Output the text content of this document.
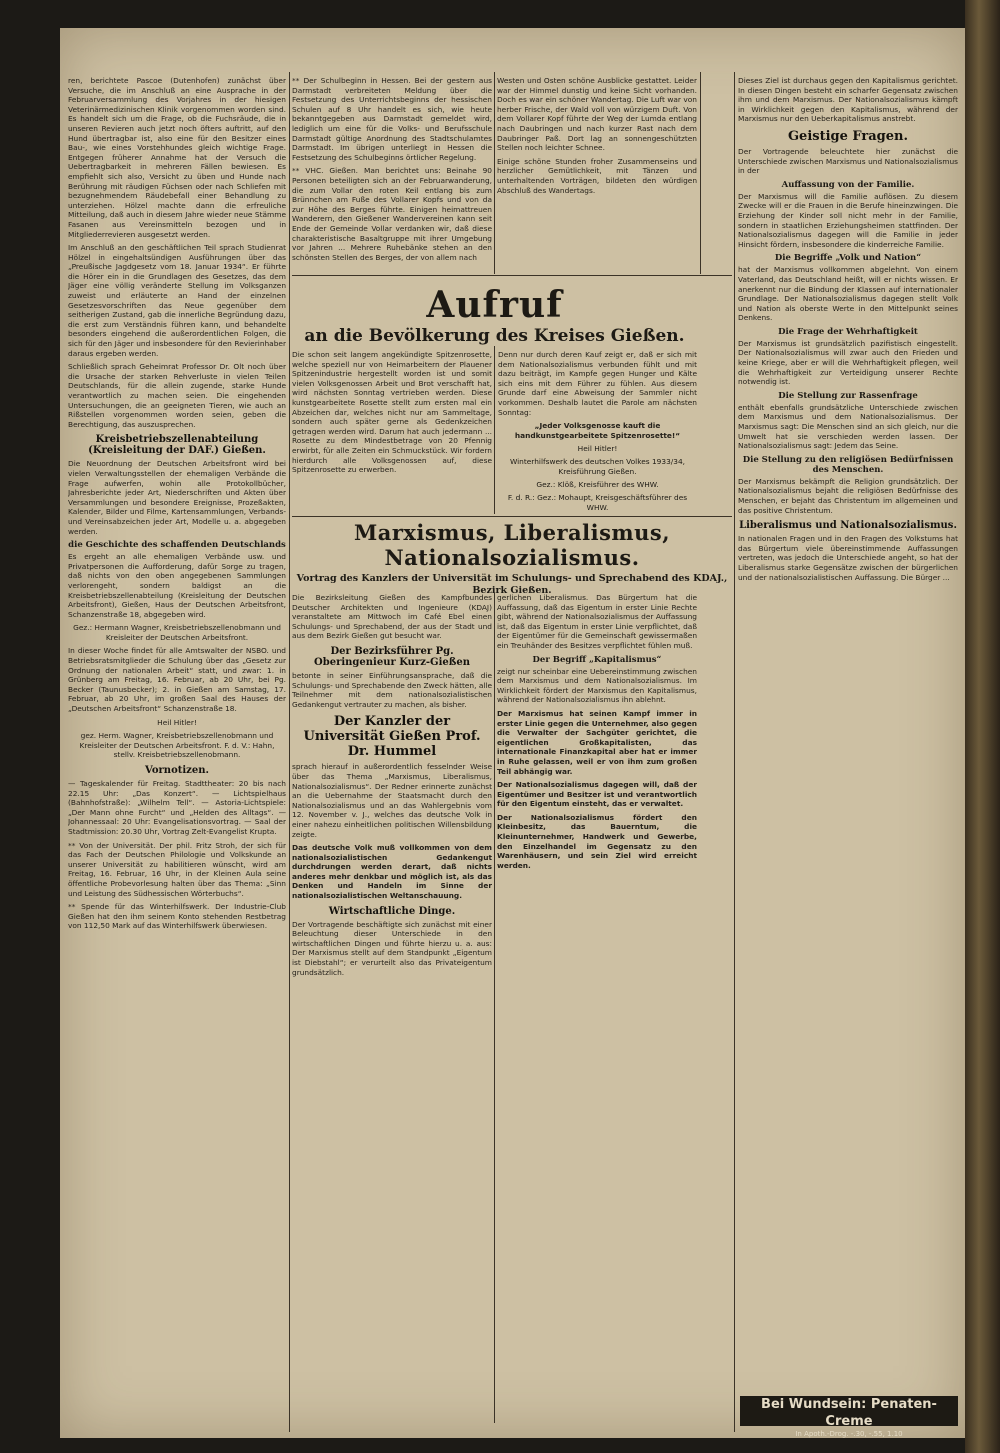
ren, berichtete Pascoe (Dutenhofen) zunächst über Versuche, die im Anschluß an eine Ausprache in der Februarversammlung des Vorjahres in der hiesigen Veterinärmedizinischen Klinik vorgenommen worden sind. Es handelt sich um die Frage, ob die Fuchsräude, die in unseren Revieren auch jetzt noch öfters auftritt, auf den Hund übertragbar ist, also eine für den Besitzer eines Bau-, wie eines Vorstehhundes gleich wichtige Frage. Entgegen früherer Annahme hat der Versuch die Uebertragbarkeit in mehreren Fällen bewiesen. Es empfiehlt sich also, Versicht zu üben und Hunde nach Berührung mit räudigen Füchsen oder nach Schliefen mit bezugnehmendem Räudebefall einer Behandlung zu unterziehen. Hölzel machte dann die erfreuliche Mitteilung, daß auch in diesem Jahre wieder neue Stämme Fasanen aus Vereinsmitteln bezogen und in Mitgliederrevieren ausgesetzt werden.

Im Anschluß an den geschäftlichen Teil sprach Studienrat Hölzel in eingehaltsündigen Ausführungen über das „Preußische Jagdgesetz vom 18. Januar 1934“. Er führte die Hörer ein in die Grundlagen des Gesetzes, das dem Jäger eine völlig veränderte Stellung im Volksganzen zuweist und erläuterte an Hand der einzelnen Gesetzesvorschriften das Neue gegenüber dem seitherigen Zustand, gab die innerliche Begründung dazu, die erst zum Verständnis führen kann, und behandelte besonders eingehend die außerordentlichen Folgen, die sich für den Jäger und insbesondere für den Revierinhaber daraus ergeben werden.

Schließlich sprach Geheimrat Professor Dr. Olt noch über die Ursache der starken Rehverluste in vielen Teilen Deutschlands, für die allein zugende, starke Hunde verantwortlich zu machen seien. Die eingehenden Untersuchungen, die an geeigneten Tieren, wie auch an Rißstellen vorgenommen worden seien, geben die Berechtigung, das auszusprechen.

Kreisbetriebszellenabteilung (Kreisleitung der DAF.) Gießen.

Die Neuordnung der Deutschen Arbeitsfront wird bei vielen Verwaltungsstellen der ehemaligen Verbände die Frage aufwerfen, wohin alle Protokollbücher, Jahresberichte jeder Art, Niederschriften und Akten über Versammlungen und besondere Ereignisse, Prozeßakten, Kalender, Bilder und Filme, Kartensammlungen, Verbands- und Vereinsabzeichen jeder Art, Modelle u. a. abgegeben werden.

die Geschichte des schaffenden Deutschlands

Es ergeht an alle ehemaligen Verbände usw. und Privatpersonen die Aufforderung, dafür Sorge zu tragen, daß nichts von den oben angegebenen Sammlungen verlorengeht, sondern baldigst an die Kreisbetriebszellenabteilung (Kreisleitung der Deutschen Arbeitsfront), Gießen, Haus der Deutschen Arbeitsfront, Schanzenstraße 18, abgegeben wird.

Gez.: Hermann Wagner, Kreisbetriebszellenobmann und Kreisleiter der Deutschen Arbeitsfront.

In dieser Woche findet für alle Amtswalter der NSBO. und Betriebsratsmitglieder die Schulung über das „Gesetz zur Ordnung der nationalen Arbeit“ statt, und zwar: 1. in Grünberg am Freitag, 16. Februar, ab 20 Uhr, bei Pg. Becker (Taunusbecker); 2. in Gießen am Samstag, 17. Februar, ab 20 Uhr, im großen Saal des Hauses der „Deutschen Arbeitsfront“ Schanzenstraße 18.

Heil Hitler!

gez. Herm. Wagner, Kreisbetriebszellenobmann und Kreisleiter der Deutschen Arbeitsfront. F. d. V.: Hahn, stellv. Kreisbetriebszellenobmann.

Vornotizen.

— Tageskalender für Freitag. Stadttheater: 20 bis nach 22.15 Uhr: „Das Konzert“. — Lichtspielhaus (Bahnhofstraße): „Wilhelm Tell“. — Astoria-Lichtspiele: „Der Mann ohne Furcht“ und „Helden des Alltags“. — Johannessaal: 20 Uhr: Evangelisationsvortrag. — Saal der Stadtmission: 20.30 Uhr, Vortrag Zelt-Evangelist Krupta.

** Von der Universität. Der phil. Fritz Stroh, der sich für das Fach der Deutschen Philologie und Volkskunde an unserer Universität zu habilitieren wünscht, wird am Freitag, 16. Februar, 16 Uhr, in der Kleinen Aula seine öffentliche Probevorlesung halten über das Thema: „Sinn und Leistung des Südhessischen Wörterbuchs“.

** Spende für das Winterhilfswerk. Der Industrie-Club Gießen hat den ihm seinem Konto stehenden Restbetrag von 112,50 Mark auf das Winterhilfswerk überwiesen.

** Der Schulbeginn in Hessen. Bei der gestern aus Darmstadt verbreiteten Meldung über die Festsetzung des Unterrichtsbeginns der hessischen Schulen auf 8 Uhr handelt es sich, wie heute bekanntgegeben aus Darmstadt gemeldet wird, lediglich um eine für die Volks- und Berufsschule Darmstadt gültige Anordnung des Stadtschulamtes Darmstadt. Im übrigen unterliegt in Hessen die Festsetzung des Schulbeginns örtlicher Regelung.

** VHC. Gießen. Man berichtet uns: Beinahe 90 Personen beteiligten sich an der Februarwanderung, die zum Vollar den roten Keil entlang bis zum Brünnchen am Fuße des Vollarer Kopfs und von da zur Höhe des Berges führte. Einigen heimattreuen Wanderern, den Gießener Wandervereinen kann seit Ende der Gemeinde Vollar verdanken wir, daß diese charakteristische Basaltgruppe mit ihrer Umgebung vor Jahren ... Mehrere Ruhebänke stehen an den schönsten Stellen des Berges, der von allem nach

Westen und Osten schöne Ausblicke gestattet. Leider war der Himmel dunstig und keine Sicht vorhanden. Doch es war ein schöner Wandertag. Die Luft war von herber Frische, der Wald voll von würzigem Duft. Von dem Vollarer Kopf führte der Weg der Lumda entlang nach Daubringen und nach kurzer Rast nach dem Daubringer Paß. Dort lag an sonnengeschützten Stellen noch leichter Schnee.

Einige schöne Stunden froher Zusammenseins und herzlicher Gemütlichkeit, mit Tänzen und unterhaltenden Vorträgen, bildeten den würdigen Abschluß des Wandertags.

Aufruf
an die Bevölkerung des Kreises Gießen.

Die schon seit langem angekündigte Spitzenrosette, welche speziell nur von Heimarbeitern der Plauener Spitzenindustrie hergestellt worden ist und somit vielen Volksgenossen Arbeit und Brot verschafft hat, wird nächsten Sonntag vertrieben werden. Diese kunstgearbeitete Rosette stellt zum ersten mal ein Abzeichen dar, welches nicht nur am Sammeltage, sondern auch später gerne als Gedenkzeichen getragen werden wird. Darum hat auch jedermann ... Rosette zu dem Mindestbetrage von 20 Pfennig erwirbt, für alle Zeiten ein Schmuckstück. Wir fordern hierdurch alle Volksgenossen auf, diese Spitzenrosette zu erwerben.

Denn nur durch deren Kauf zeigt er, daß er sich mit dem Nationalsozialismus verbunden fühlt und mit dazu beiträgt, im Kampfe gegen Hunger und Kälte sich eins mit dem Führer zu fühlen. Aus diesem Grunde darf eine Abweisung der Sammler nicht vorkommen. Deshalb lautet die Parole am nächsten Sonntag:

„Jeder Volksgenosse kauft die handkunstgearbeitete Spitzenrosette!“

Heil Hitler!
Winterhilfswerk des deutschen Volkes 1933/34, Kreisführung Gießen.
Gez.: Klöß, Kreisführer des WHW.
F. d. R.: Gez.: Mohaupt, Kreisgeschäftsführer des WHW.
Marxismus, Liberalismus, Nationalsozialismus.
Vortrag des Kanzlers der Universität im Schulungs- und Sprechabend des KDAJ., Bezirk Gießen.

Die Bezirksleitung Gießen des Kampfbundes Deutscher Architekten und Ingenieure (KDAJ) veranstaltete am Mittwoch im Café Ebel einen Schulungs- und Sprechabend, der aus der Stadt und aus dem Bezirk Gießen gut besucht war.

Der Bezirksführer Pg. Oberingenieur Kurz-Gießen

betonte in seiner Einführungsansprache, daß die Schulungs- und Sprechabende den Zweck hätten, alle Teilnehmer mit dem nationalsozialistischen Gedankengut vertrauter zu machen, als bisher.

Der Kanzler der Universität Gießen Prof. Dr. Hummel

sprach hierauf in außerordentlich fesselnder Weise über das Thema „Marxismus, Liberalismus, Nationalsozialismus“. Der Redner erinnerte zunächst an die Uebernahme der Staatsmacht durch den Nationalsozialismus und an das Wahlergebnis vom 12. November v. J., welches das deutsche Volk in einer nahezu einheitlichen politischen Willensbildung zeigte.

Das deutsche Volk muß vollkommen von dem nationalsozialistischen Gedankengut durchdrungen werden derart, daß nichts anderes mehr denkbar und möglich ist, als das Denken und Handeln im Sinne der nationalsozialistischen Weltanschauung.

Wirtschaftliche Dinge.

Der Vortragende beschäftigte sich zunächst mit einer Beleuchtung dieser Unterschiede in den wirtschaftlichen Dingen und führte hierzu u. a. aus: Der Marxismus stellt auf dem Standpunkt „Eigentum ist Diebstahl“; er verurteilt also das Privateigentum grundsätzlich.

gerlichen Liberalismus. Das Bürgertum hat die Auffassung, daß das Eigentum in erster Linie Rechte gibt, während der Nationalsozialismus der Auffassung ist, daß das Eigentum in erster Linie verpflichtet, daß der Eigentümer für die Gemeinschaft gewissermaßen ein Treuhänder des Besitzes verpflichtet fühlen muß.

Der Begriff „Kapitalismus“

zeigt nur scheinbar eine Uebereinstimmung zwischen dem Marxismus und dem Nationalsozialismus. Im Wirklichkeit fördert der Marxismus den Kapitalismus, während der Nationalsozialismus ihn ablehnt.

Der Marxismus hat seinen Kampf immer in erster Linie gegen die Unternehmer, also gegen die Verwalter der Sachgüter gerichtet, die eigentlichen Großkapitalisten, das internationale Finanzkapital aber hat er immer in Ruhe gelassen, weil er von ihm zum großen Teil abhängig war.

Der Nationalsozialismus dagegen will, daß der Eigentümer und Besitzer ist und verantwortlich für den Eigentum einsteht, das er verwaltet.

Der Nationalsozialismus fördert den Kleinbesitz, das Bauerntum, die Kleinunternehmer, Handwerk und Gewerbe, den Einzelhandel im Gegensatz zu den Warenhäusern, und sein Ziel wird erreicht werden.

Dieses Ziel ist durchaus gegen den Kapitalismus gerichtet. In diesen Dingen besteht ein scharfer Gegensatz zwischen ihm und dem Marxismus. Der Nationalsozialismus kämpft in Wirklichkeit gegen den Kapitalismus, während der Marxismus nur den Ueberkapitalismus anstrebt.

Geistige Fragen.

Der Vortragende beleuchtete hier zunächst die Unterschiede zwischen Marxismus und Nationalsozialismus in der

Auffassung von der Familie.

Der Marxismus will die Familie auflösen. Zu diesem Zwecke will er die Frauen in die Berufe hineinzwingen. Die Erziehung der Kinder soll nicht mehr in der Familie, sondern in staatlichen Erziehungsheimen stattfinden. Der Nationalsozialismus dagegen will die Familie in jeder Hinsicht fördern, insbesondere die kinderreiche Familie.

Die Begriffe „Volk und Nation“

hat der Marxismus vollkommen abgelehnt. Von einem Vaterland, das Deutschland heißt, will er nichts wissen. Er anerkennt nur die Bindung der Klassen auf internationaler Grundlage. Der Nationalsozialismus dagegen stellt Volk und Nation als oberste Werte in den Mittelpunkt seines Denkens.

Die Frage der Wehrhaftigkeit

Der Marxismus ist grundsätzlich pazifistisch eingestellt. Der Nationalsozialismus will zwar auch den Frieden und keine Kriege, aber er will die Wehrhaftigkeit pflegen, weil die Wehrhaftigkeit zur Verteidigung unserer Rechte notwendig ist.

Die Stellung zur Rassenfrage

enthält ebenfalls grundsätzliche Unterschiede zwischen dem Marxismus und dem Nationalsozialismus. Der Marxismus sagt: Die Menschen sind an sich gleich, nur die Umwelt hat sie verschieden werden lassen. Der Nationalsozialismus sagt: Jedem das Seine.

Die Stellung zu den religiösen Bedürfnissen des Menschen.

Der Marxismus bekämpft die Religion grundsätzlich. Der Nationalsozialismus bejaht die religiösen Bedürfnisse des Menschen, er bejaht das Christentum im allgemeinen und das positive Christentum.

Liberalismus und Nationalsozialismus.

In nationalen Fragen und in den Fragen des Volkstums hat das Bürgertum viele übereinstimmende Auffassungen vertreten, was jedoch die Unterschiede angeht, so hat der Liberalismus starke Gegensätze zwischen der bürgerlichen und der nationalsozialistischen Auffassung. Die Bürger ...

Bei Wundsein: Penaten-Creme
In Apoth.-Drog. -.30, -.55, 1.10
